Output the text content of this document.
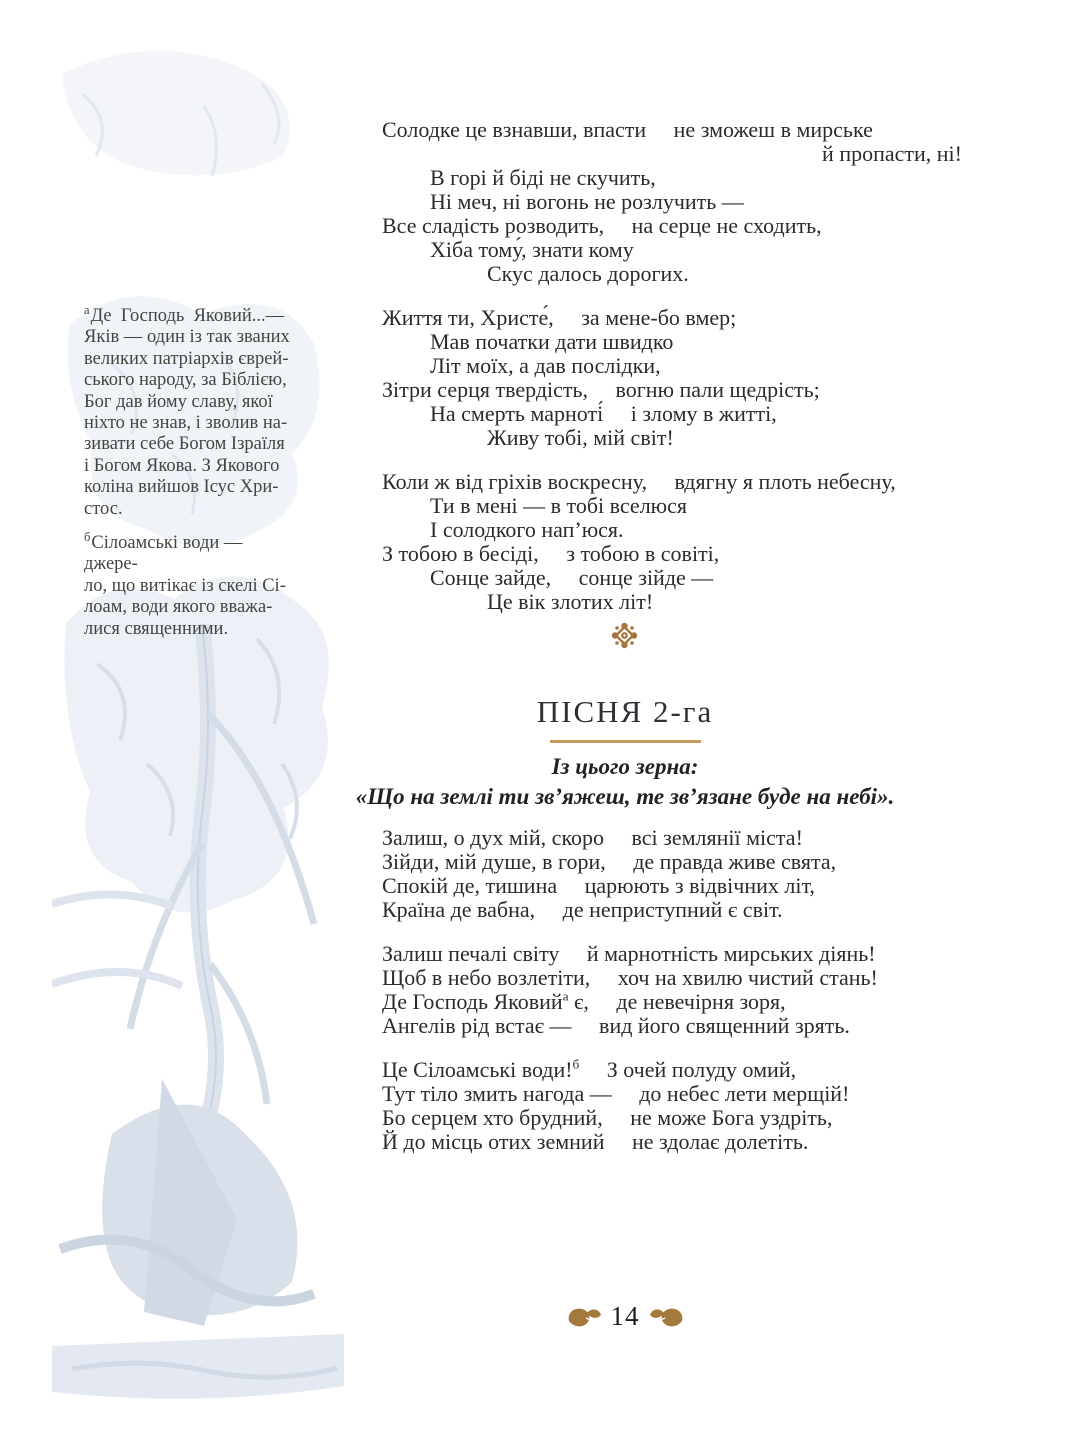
$^а$Де  Господь  Яковий...—
Яків — один із так званих
великих патріархів єврей-
ського народу, за Біблією,
Бог дав йому славу, якої
ніхто не знав, і зволив на-
зивати себе Богом Ізраїля
і Богом Якова. З Якового
коліна вийшов Ісус Хри-
стос.
$^б$Сілоамські води — джере-
ло, що витікає із скелі Сі-
лоам, води якого вважа-
лися священними.
Солодке це взнавши, впасти     не зможеш в мирське
й пропасти, ні!
В горі й біді не скучить,
Ні меч, ні вогонь не розлучить —
Все сладість розводить,     на серце не сходить,
Хіба тому́, знати кому
Скус далось дорогих.
Життя ти, Христе́,     за мене-бо вмер;
Мав початки дати швидко
Літ моїх, а дав послідки,
Зітри серця твердість,     вогню пали щедрість;
На смерть марноті́     і злому в житті,
Живу тобі, мій світ!
Коли ж від гріхів воскресну,     вдягну я плоть небесну,
Ти в мені — в тобі вселюся
І солодкого нап’юся.
З тобою в бесіді,     з тобою в совіті,
Сонце зайде,     сонце зійде —
Це вік злотих літ!
ПІСНЯ 2-га
Із цього зерна:
«Що на землі ти зв’яжеш, те зв’язане буде на небі».
Залиш, о дух мій, скоро     всі землянії міста!
Зійди, мій душе, в гори,     де правда живе свята,
Спокій де, тишина     царюють з відвічних літ,
Країна де вабна,     де неприступний є світ.
Залиш печалі світу     й марнотність мирських діянь!
Щоб в небо возлетіти,     хоч на хвилю чистий стань!
Де Господь Яковий$^а$ є,     де невечірня зоря,
Ангелів рід встає —     вид його священний зрять.
Це Сілоамські води!$^б$     З очей полуду омий,
Тут тіло змить нагода —     до небес лети мерщій!
Бо серцем хто брудний,     не може Бога уздріть,
Й до місць отих земний     не здолає долетіть.
14
